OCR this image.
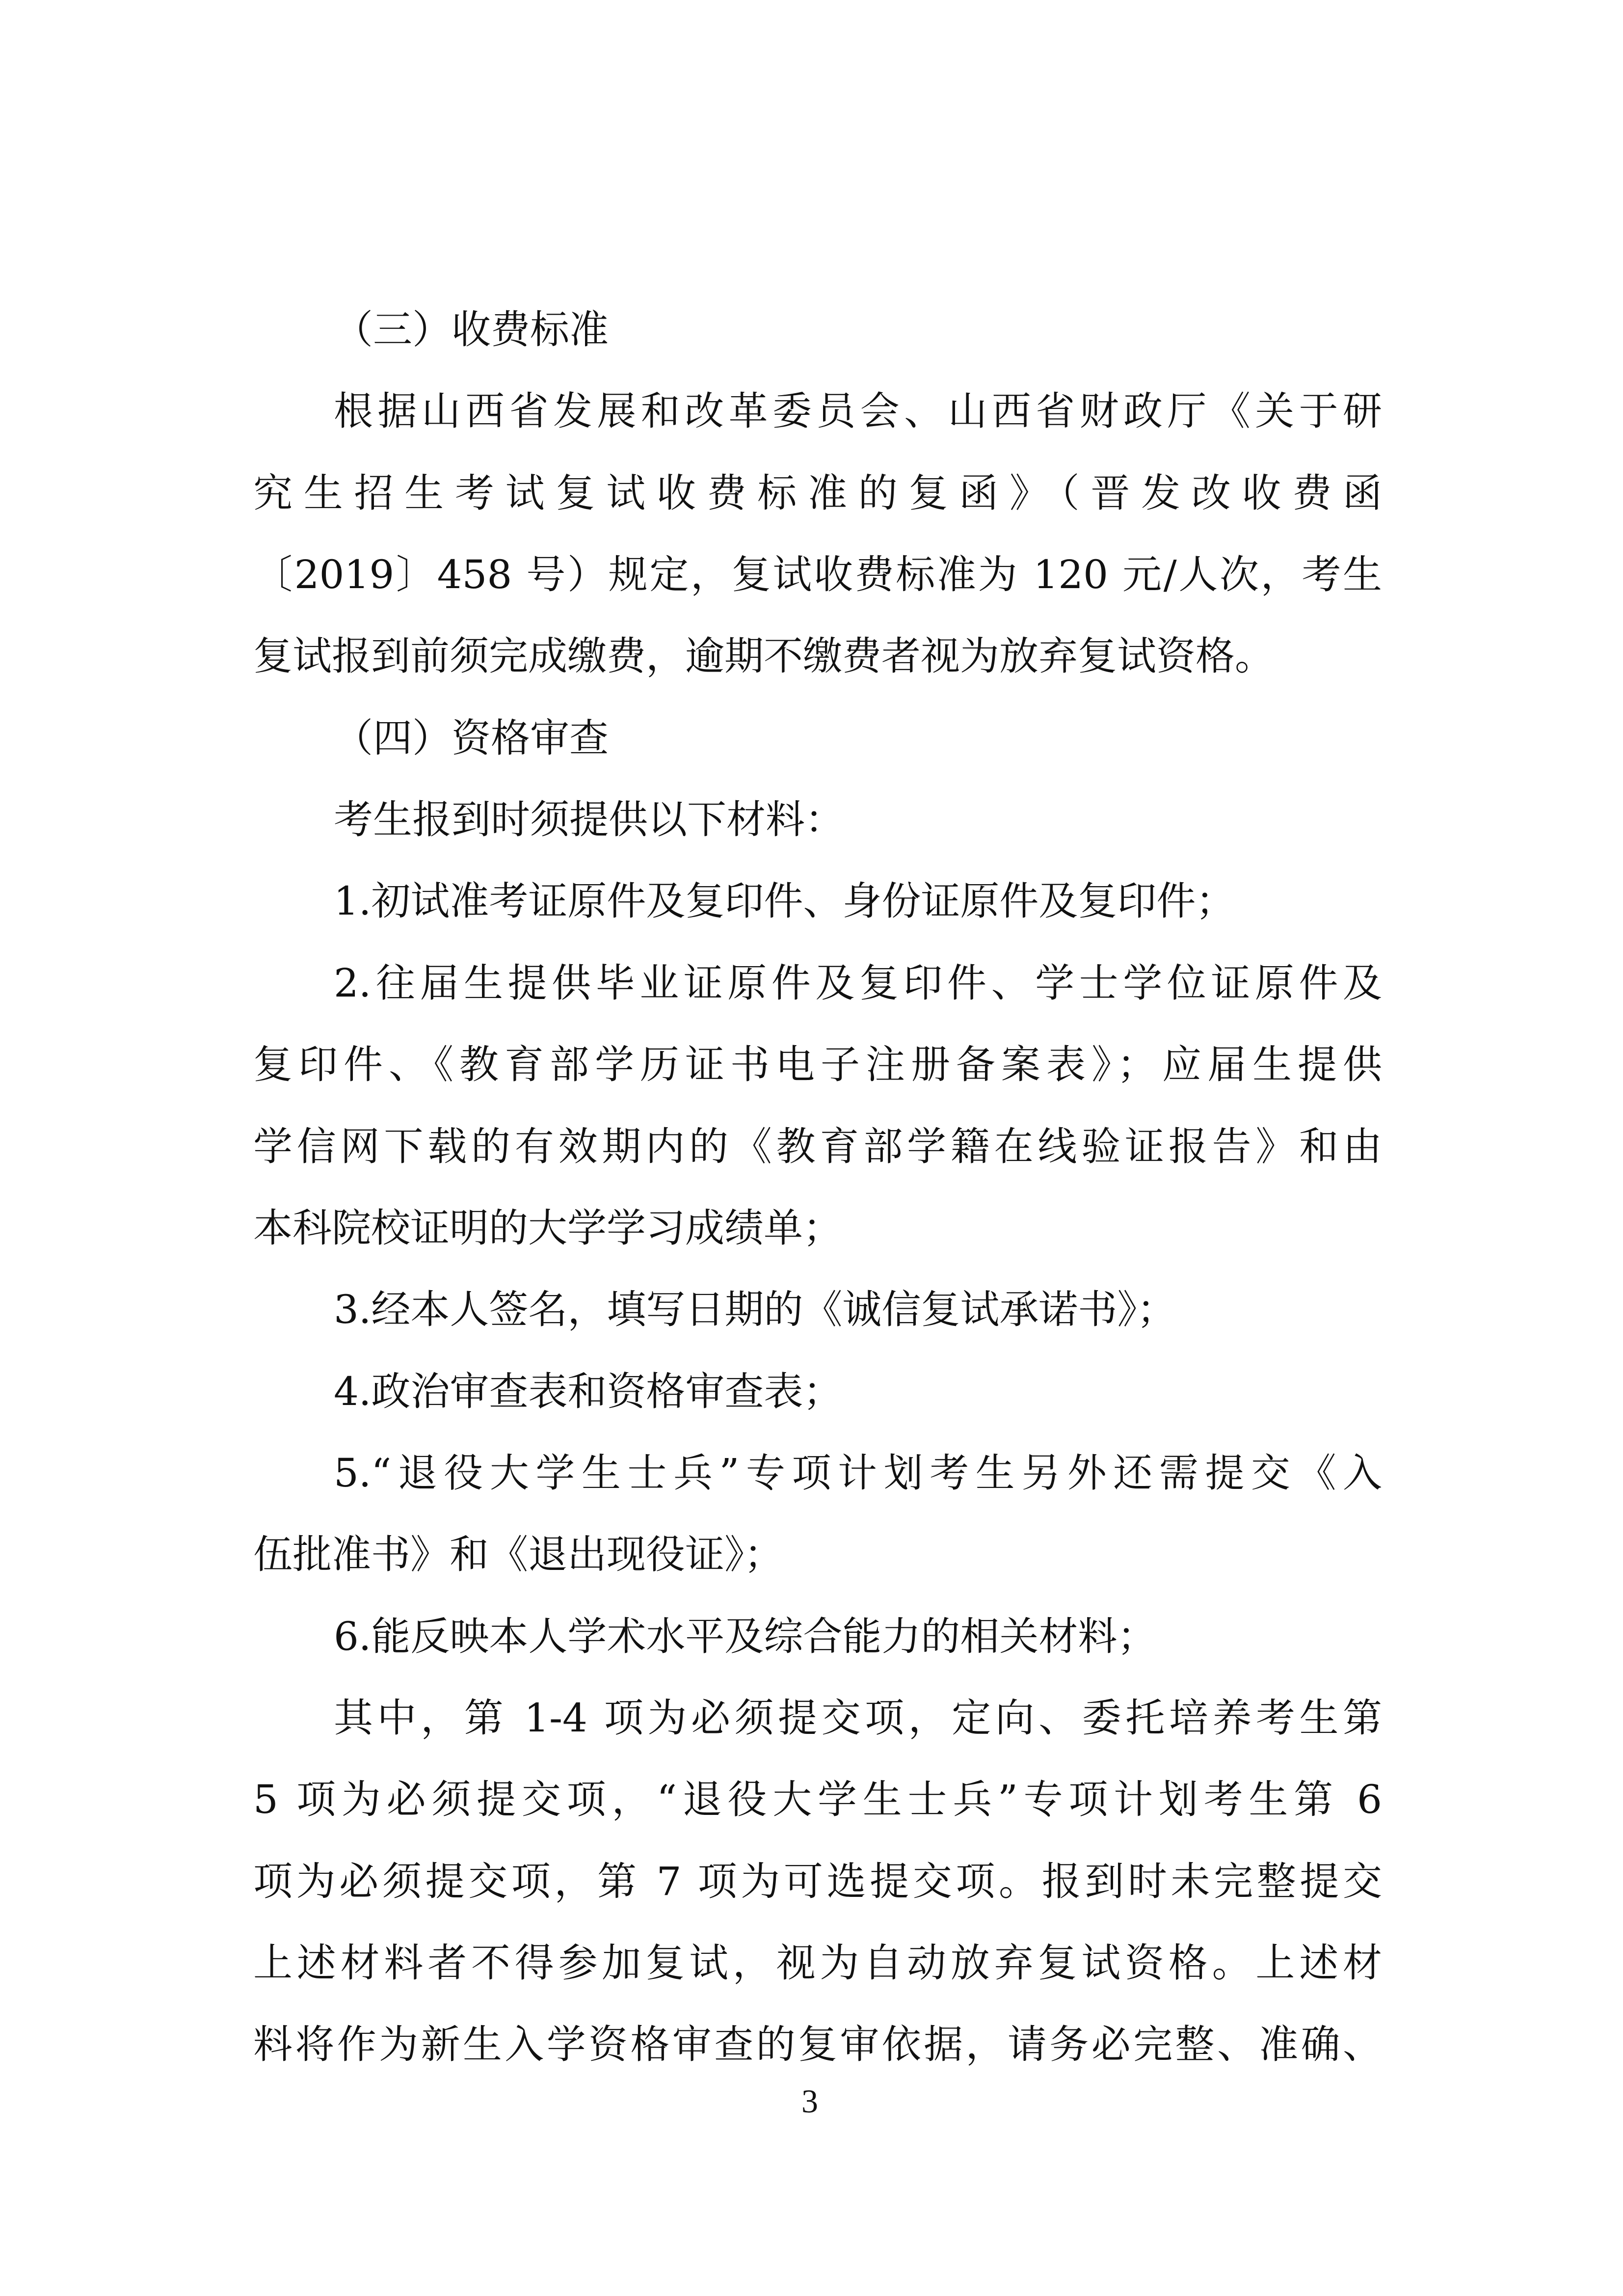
（三）收费标准
根据山西省发展和改革委员会、山西省财政厅《关于研
究生招生考试复试收费标准的复函》（晋发改收费函
〔2019〕458 号）规定，复试收费标准为 120 元/人次，考生
复试报到前须完成缴费，逾期不缴费者视为放弃复试资格。
（四）资格审查
考生报到时须提供以下材料：
1.初试准考证原件及复印件、身份证原件及复印件；
2.往届生提供毕业证原件及复印件、学士学位证原件及
复印件、《教育部学历证书电子注册备案表》；应届生提供
学信网下载的有效期内的《教育部学籍在线验证报告》和由
本科院校证明的大学学习成绩单；
3.经本人签名，填写日期的《诚信复试承诺书》；
4.政治审查表和资格审查表；
5.“退役大学生士兵”专项计划考生另外还需提交《入
伍批准书》和《退出现役证》；
6.能反映本人学术水平及综合能力的相关材料；
其中，第 1-4 项为必须提交项，定向、委托培养考生第
5 项为必须提交项，“退役大学生士兵”专项计划考生第 6
项为必须提交项，第 7 项为可选提交项。报到时未完整提交
上述材料者不得参加复试，视为自动放弃复试资格。上述材
料将作为新生入学资格审查的复审依据，请务必完整、准确、
3
